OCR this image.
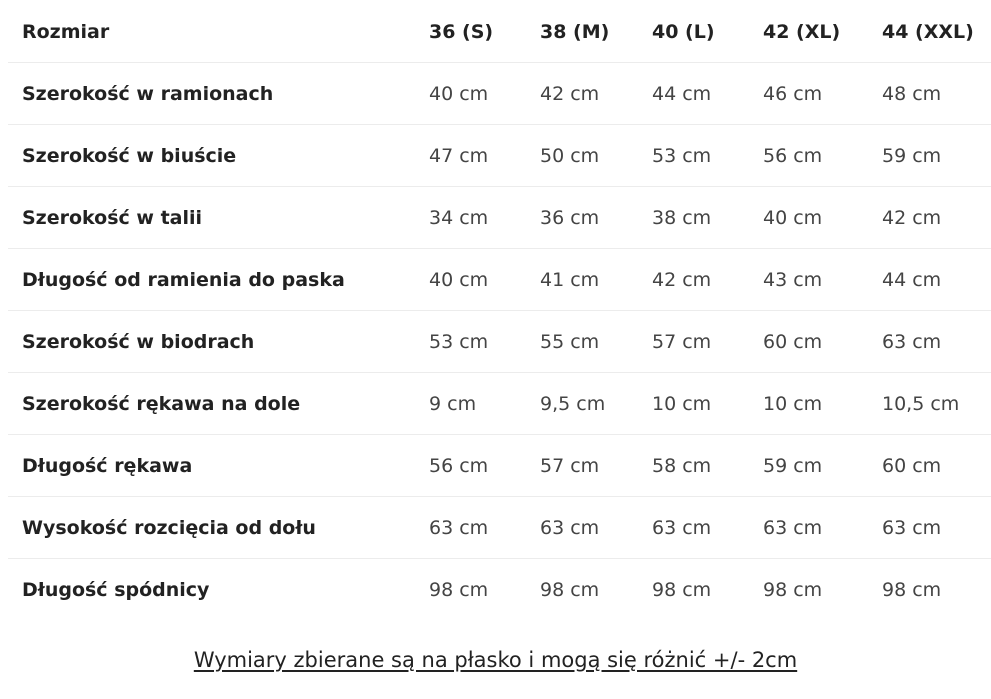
Rozmiar	36 (S)	38 (M)	40 (L)	42 (XL)	44 (XXL)
Szerokość w ramionach	40 cm	42 cm	44 cm	46 cm	48 cm
Szerokość w biuście	47 cm	50 cm	53 cm	56 cm	59 cm
Szerokość w talii	34 cm	36 cm	38 cm	40 cm	42 cm
Długość od ramienia do paska	40 cm	41 cm	42 cm	43 cm	44 cm
Szerokość w biodrach	53 cm	55 cm	57 cm	60 cm	63 cm
Szerokość rękawa na dole	9 cm	9,5 cm	10 cm	10 cm	10,5 cm
Długość rękawa	56 cm	57 cm	58 cm	59 cm	60 cm
Wysokość rozcięcia od dołu	63 cm	63 cm	63 cm	63 cm	63 cm
Długość spódnicy	98 cm	98 cm	98 cm	98 cm	98 cm
Wymiary zbierane są na płasko i mogą się różnić +/- 2cm
